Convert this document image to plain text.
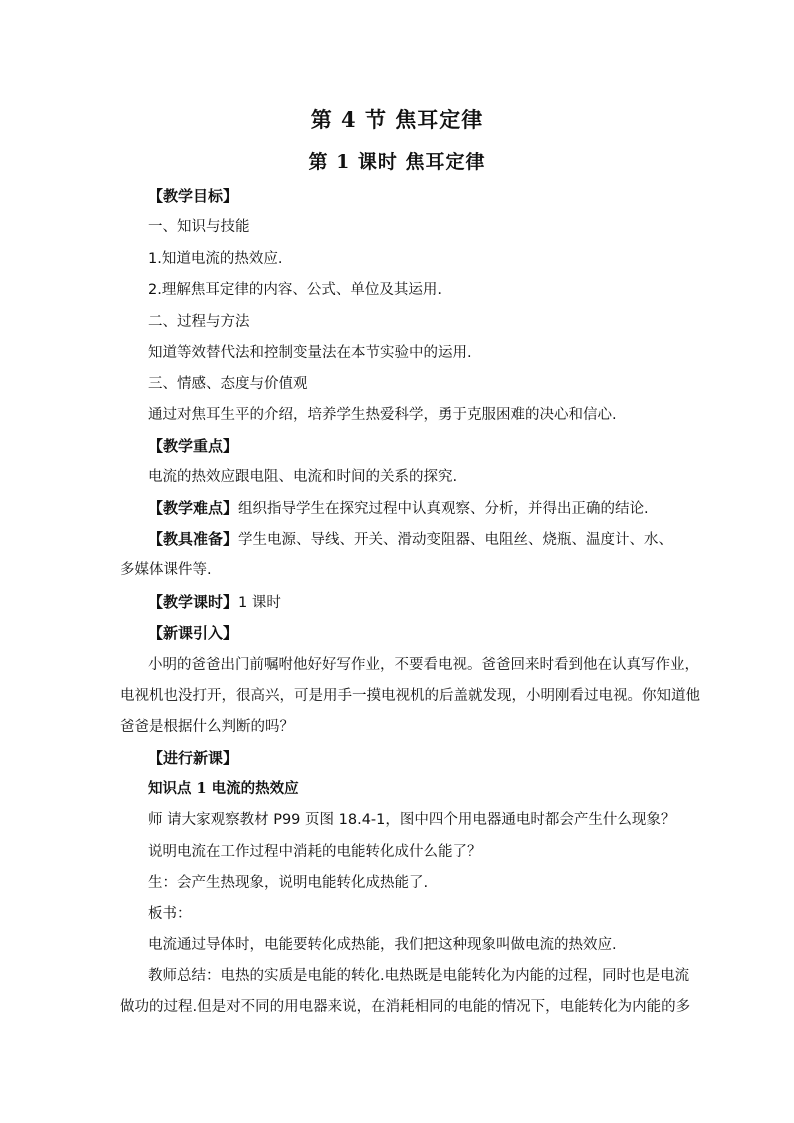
第 4 节 焦耳定律
第 1 课时 焦耳定律
【教学目标】
一、知识与技能
1.知道电流的热效应.
2.理解焦耳定律的内容、公式、单位及其运用.
二、过程与方法
知道等效替代法和控制变量法在本节实验中的运用.
三、情感、态度与价值观
通过对焦耳生平的介绍，培养学生热爱科学，勇于克服困难的决心和信心.
【教学重点】
电流的热效应跟电阻、电流和时间的关系的探究.
【教学难点】组织指导学生在探究过程中认真观察、分析，并得出正确的结论.
【教具准备】学生电源、导线、开关、滑动变阻器、电阻丝、烧瓶、温度计、水、
多媒体课件等.
【教学课时】1 课时
【新课引入】
小明的爸爸出门前嘱咐他好好写作业，不要看电视。爸爸回来时看到他在认真写作业，
电视机也没打开，很高兴，可是用手一摸电视机的后盖就发现，小明刚看过电视。你知道他
爸爸是根据什么判断的吗？
【进行新课】
知识点 1 电流的热效应
师 请大家观察教材 P99 页图 18.4-1，图中四个用电器通电时都会产生什么现象？
说明电流在工作过程中消耗的电能转化成什么能了？
生：会产生热现象，说明电能转化成热能了.
板书：
电流通过导体时，电能要转化成热能，我们把这种现象叫做电流的热效应.
教师总结：电热的实质是电能的转化.电热既是电能转化为内能的过程，同时也是电流
做功的过程.但是对不同的用电器来说，在消耗相同的电能的情况下，电能转化为内能的多
